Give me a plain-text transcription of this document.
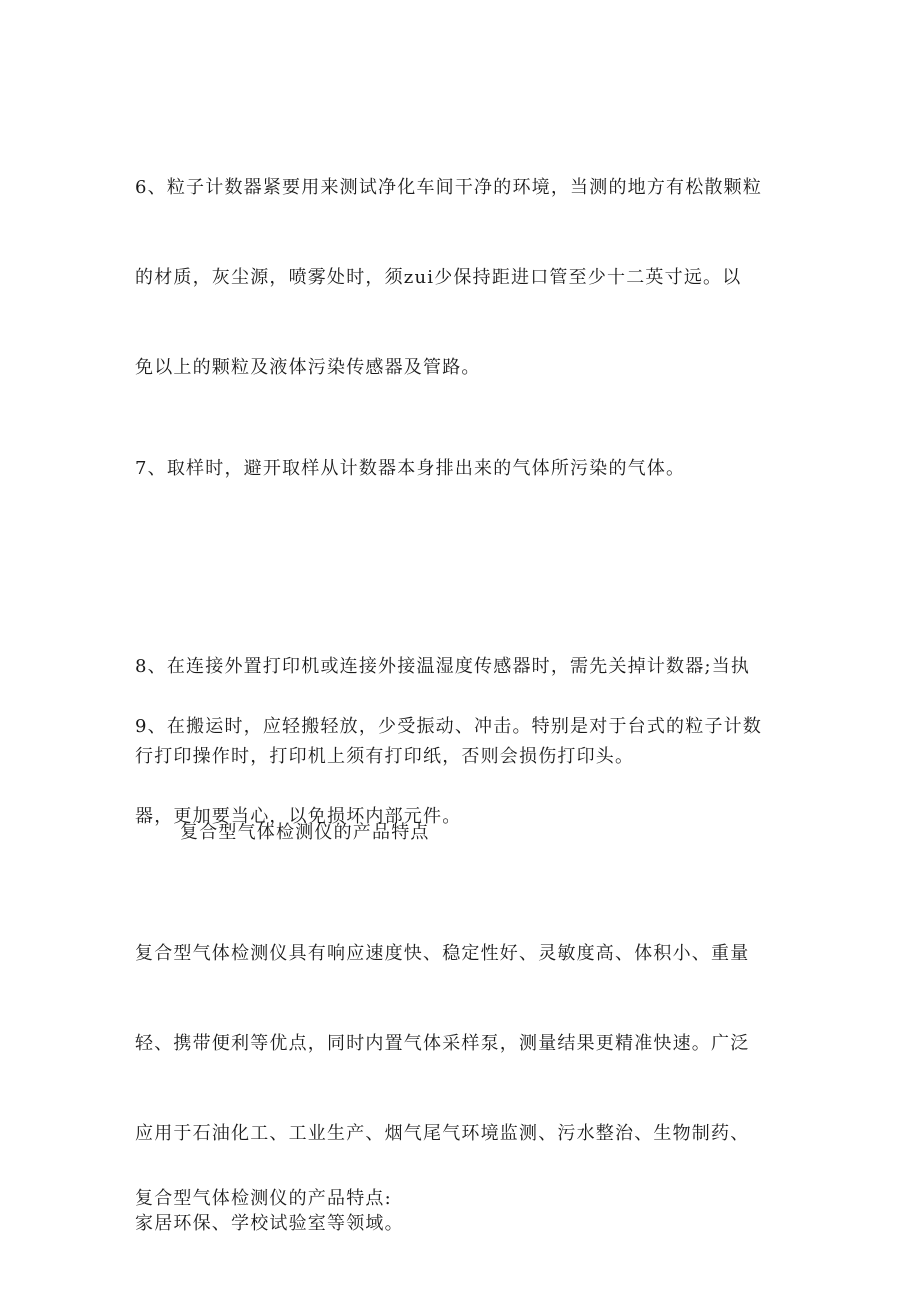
6、粒子计数器紧要用来测试净化车间干净的环境，当测的地方有松散颗粒

的材质，灰尘源，喷雾处时，须zui少保持距进口管至少十二英寸远。以

免以上的颗粒及液体污染传感器及管路。

7、取样时，避开取样从计数器本身排出来的气体所污染的气体。

8、在连接外置打印机或连接外接温湿度传感器时，需先关掉计数器;当执

行打印操作时，打印机上须有打印纸，否则会损伤打印头。

9、在搬运时，应轻搬轻放，少受振动、冲击。特别是对于台式的粒子计数

器，更加要当心，以免损坏内部元件。

复合型气体检测仪的产品特点

复合型气体检测仪具有响应速度快、稳定性好、灵敏度高、体积小、重量

轻、携带便利等优点，同时内置气体采样泵，测量结果更精准快速。广泛

应用于石油化工、工业生产、烟气尾气环境监测、污水整治、生物制药、

家居环保、学校试验室等领域。

复合型气体检测仪的产品特点:
